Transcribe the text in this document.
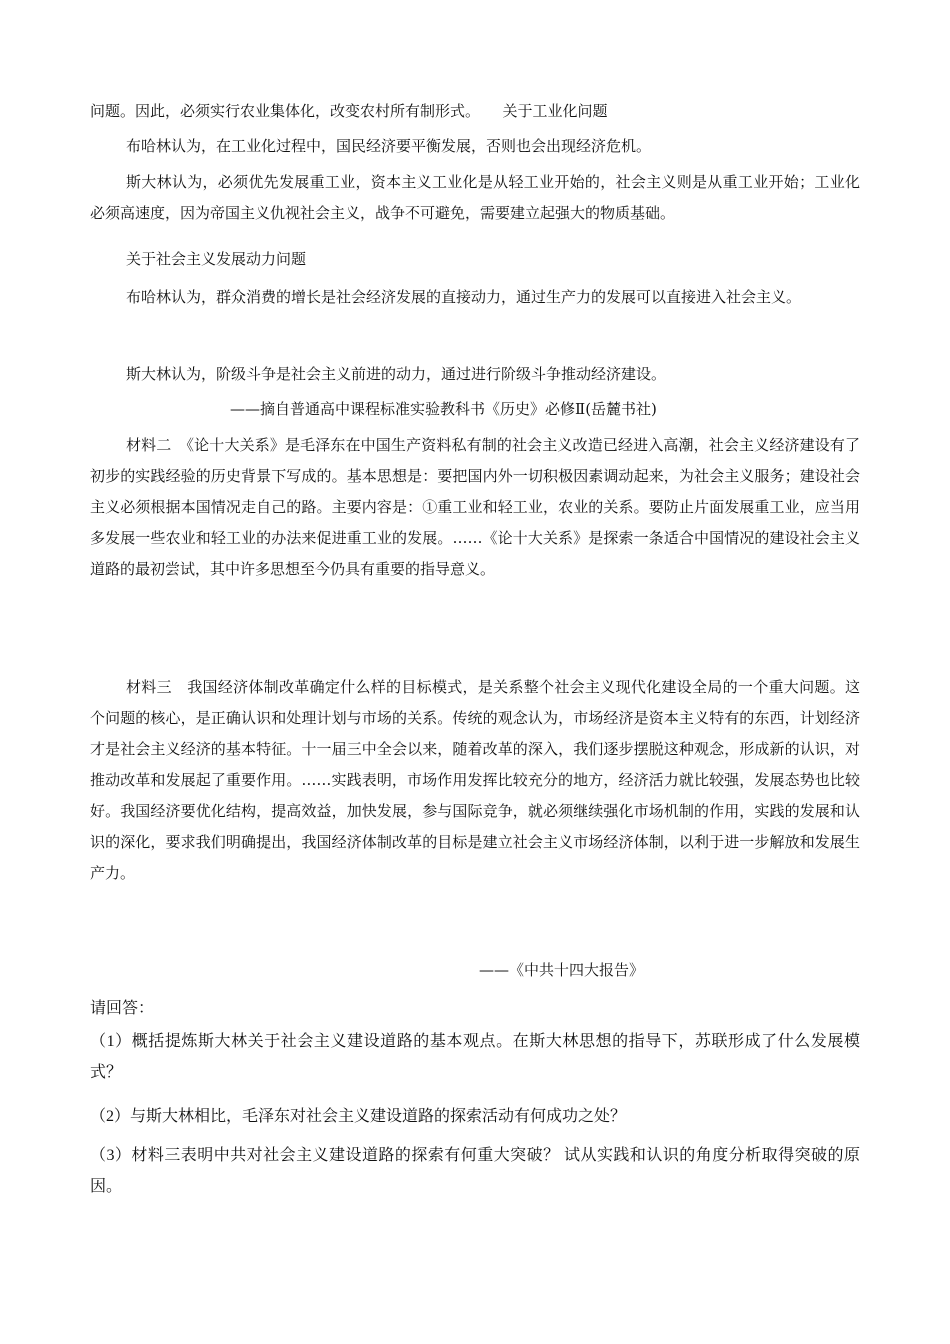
问题。因此，必须实行农业集体化，改变农村所有制形式。　　关于工业化问题

布哈林认为，在工业化过程中，国民经济要平衡发展，否则也会出现经济危机。

斯大林认为，必须优先发展重工业，资本主义工业化是从轻工业开始的，社会主义则是从重工业开始；工业化必须高速度，因为帝国主义仇视社会主义，战争不可避免，需要建立起强大的物质基础。

关于社会主义发展动力问题

布哈林认为，群众消费的增长是社会经济发展的直接动力，通过生产力的发展可以直接进入社会主义。

斯大林认为，阶级斗争是社会主义前进的动力，通过进行阶级斗争推动经济建设。

——摘自普通高中课程标准实验教科书《历史》必修Ⅱ(岳麓书社)

材料二　《论十大关系》是毛泽东在中国生产资料私有制的社会主义改造已经进入高潮，社会主义经济建设有了初步的实践经验的历史背景下写成的。基本思想是：要把国内外一切积极因素调动起来，为社会主义服务；建设社会主义必须根据本国情况走自己的路。主要内容是：①重工业和轻工业，农业的关系。要防止片面发展重工业，应当用多发展一些农业和轻工业的办法来促进重工业的发展。……《论十大关系》是探索一条适合中国情况的建设社会主义道路的最初尝试，其中许多思想至今仍具有重要的指导意义。

材料三　我国经济体制改革确定什么样的目标模式，是关系整个社会主义现代化建设全局的一个重大问题。这个问题的核心，是正确认识和处理计划与市场的关系。传统的观念认为，市场经济是资本主义特有的东西，计划经济才是社会主义经济的基本特征。十一届三中全会以来，随着改革的深入，我们逐步摆脱这种观念，形成新的认识，对推动改革和发展起了重要作用。……实践表明，市场作用发挥比较充分的地方，经济活力就比较强，发展态势也比较好。我国经济要优化结构，提高效益，加快发展，参与国际竞争，就必须继续强化市场机制的作用，实践的发展和认识的深化，要求我们明确提出，我国经济体制改革的目标是建立社会主义市场经济体制，以利于进一步解放和发展生产力。

——《中共十四大报告》

请回答：

（1）概括提炼斯大林关于社会主义建设道路的基本观点。在斯大林思想的指导下，苏联形成了什么发展模式？

（2）与斯大林相比，毛泽东对社会主义建设道路的探索活动有何成功之处？

（3）材料三表明中共对社会主义建设道路的探索有何重大突破？ 试从实践和认识的角度分析取得突破的原因。
